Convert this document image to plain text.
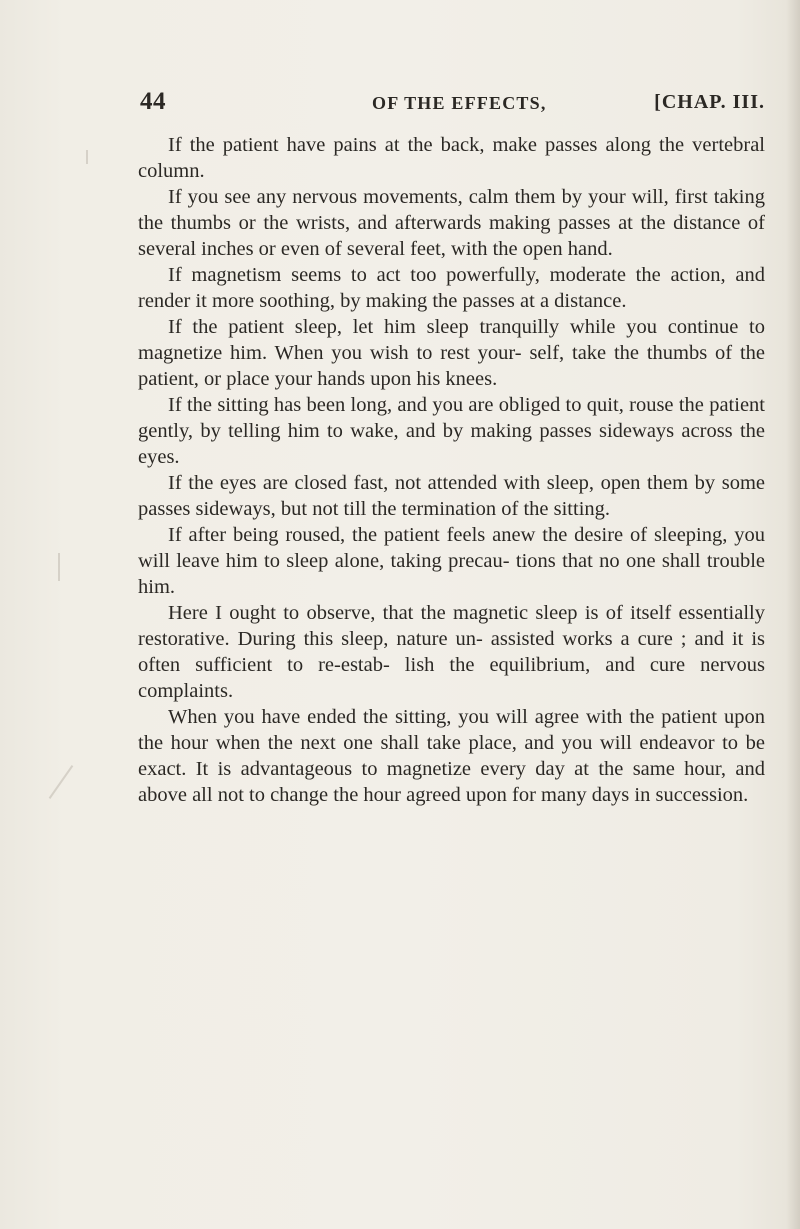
44	OF THE EFFECTS,	[CHAP. III.

If the patient have pains at the back, make passes along the vertebral column.

If you see any nervous movements, calm them by your will, first taking the thumbs or the wrists, and afterwards making passes at the distance of several inches or even of several feet, with the open hand.

If magnetism seems to act too powerfully, moderate the action, and render it more soothing, by making the passes at a distance.

If the patient sleep, let him sleep tranquilly while you continue to magnetize him. When you wish to rest your- self, take the thumbs of the patient, or place your hands upon his knees.

If the sitting has been long, and you are obliged to quit, rouse the patient gently, by telling him to wake, and by making passes sideways across the eyes.

If the eyes are closed fast, not attended with sleep, open them by some passes sideways, but not till the termination of the sitting.

If after being roused, the patient feels anew the desire of sleeping, you will leave him to sleep alone, taking precau- tions that no one shall trouble him.

Here I ought to observe, that the magnetic sleep is of itself essentially restorative. During this sleep, nature un- assisted works a cure ; and it is often sufficient to re-estab- lish the equilibrium, and cure nervous complaints.

When you have ended the sitting, you will agree with the patient upon the hour when the next one shall take place, and you will endeavor to be exact. It is advantageous to magnetize every day at the same hour, and above all not to change the hour agreed upon for many days in succession.
